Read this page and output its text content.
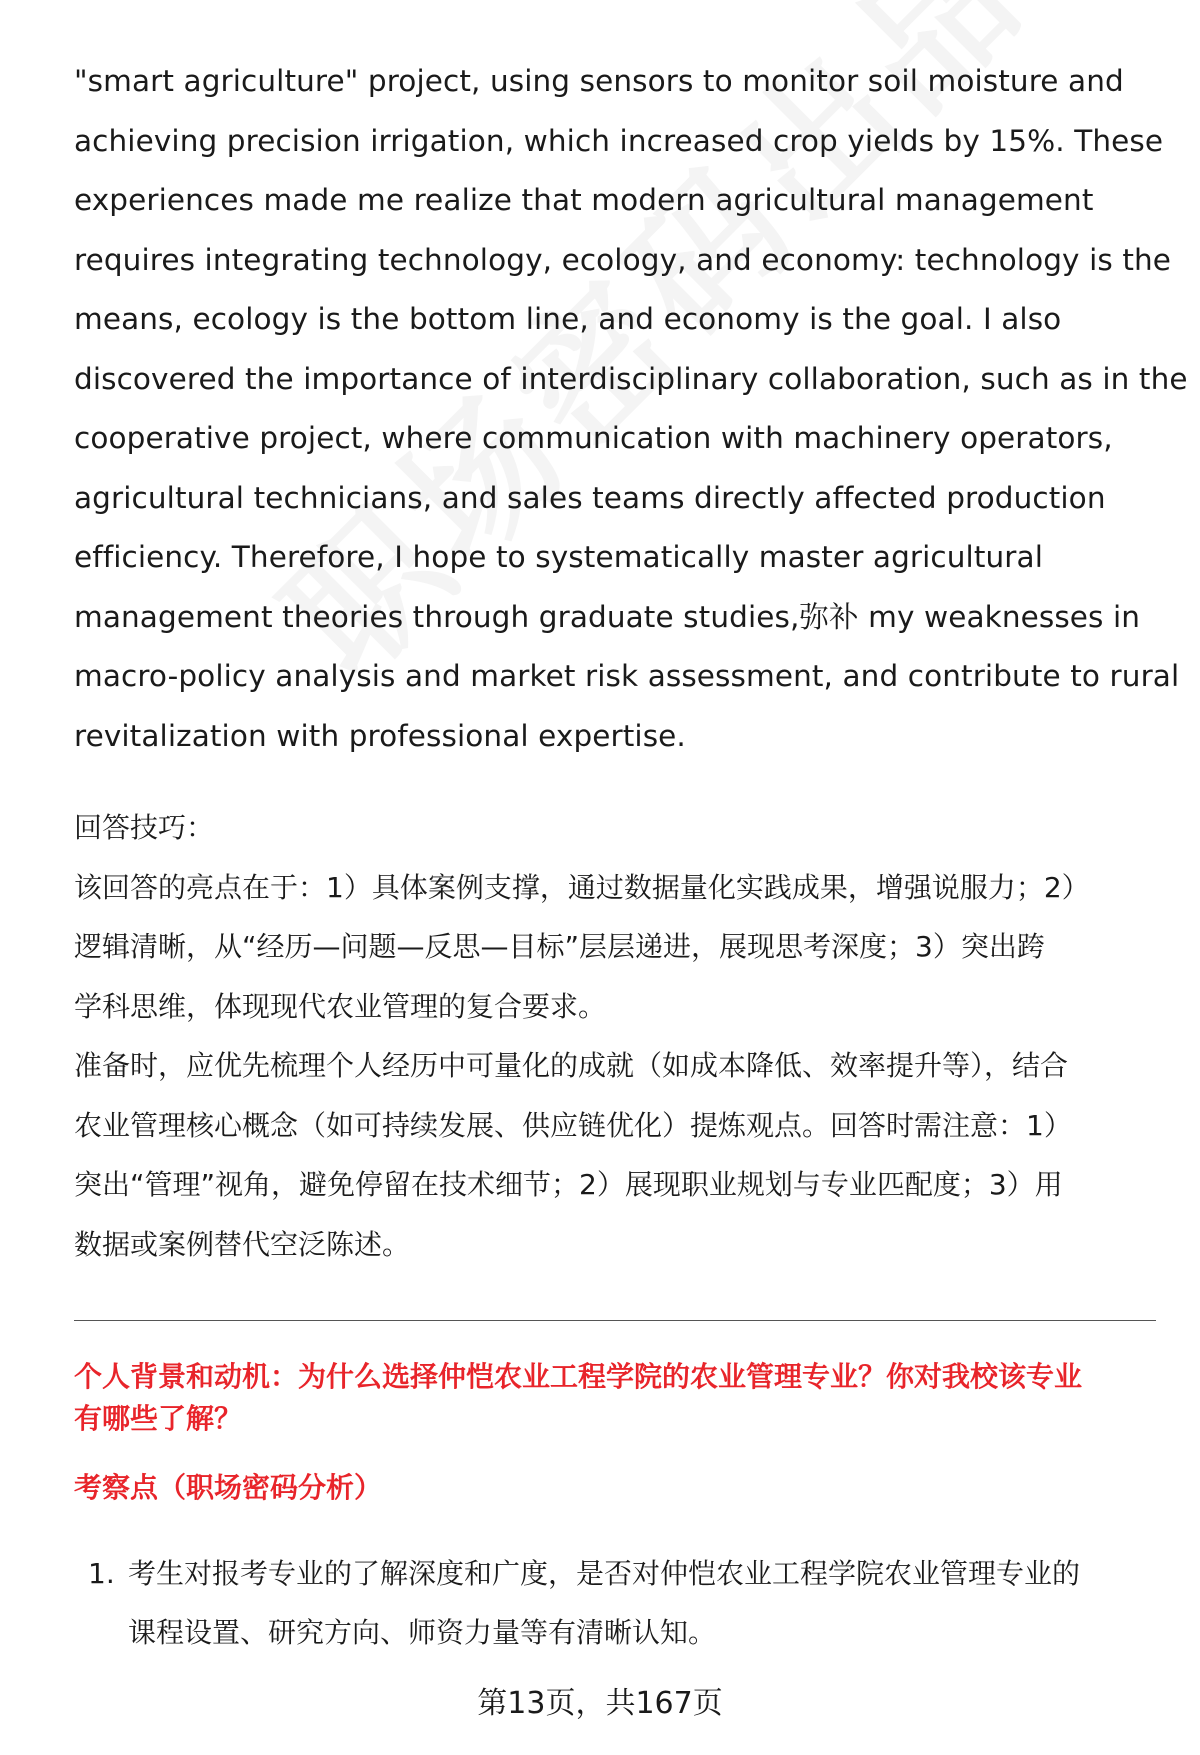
"smart agriculture" project, using sensors to monitor soil moisture and
achieving precision irrigation, which increased crop yields by 15%. These
experiences made me realize that modern agricultural management
requires integrating technology, ecology, and economy: technology is the
means, ecology is the bottom line, and economy is the goal. I also
discovered the importance of interdisciplinary collaboration, such as in the
cooperative project, where communication with machinery operators,
agricultural technicians, and sales teams directly affected production
efficiency. Therefore, I hope to systematically master agricultural
management theories through graduate studies,弥补 my weaknesses in
macro-policy analysis and market risk assessment, and contribute to rural
revitalization with professional expertise.
回答技巧：
该回答的亮点在于：1）具体案例支撑，通过数据量化实践成果，增强说服力；2）
逻辑清晰，从“经历—问题—反思—目标”层层递进，展现思考深度；3）突出跨
学科思维，体现现代农业管理的复合要求。
准备时，应优先梳理个人经历中可量化的成就（如成本降低、效率提升等），结合
农业管理核心概念（如可持续发展、供应链优化）提炼观点。回答时需注意：1）
突出“管理”视角，避免停留在技术细节；2）展现职业规划与专业匹配度；3）用
数据或案例替代空泛陈述。
个人背景和动机：为什么选择仲恺农业工程学院的农业管理专业？你对我校该专业
有哪些了解？
考察点（职场密码分析）
1. 考生对报考专业的了解深度和广度，是否对仲恺农业工程学院农业管理专业的
课程设置、研究方向、师资力量等有清晰认知。
第13页，共167页
